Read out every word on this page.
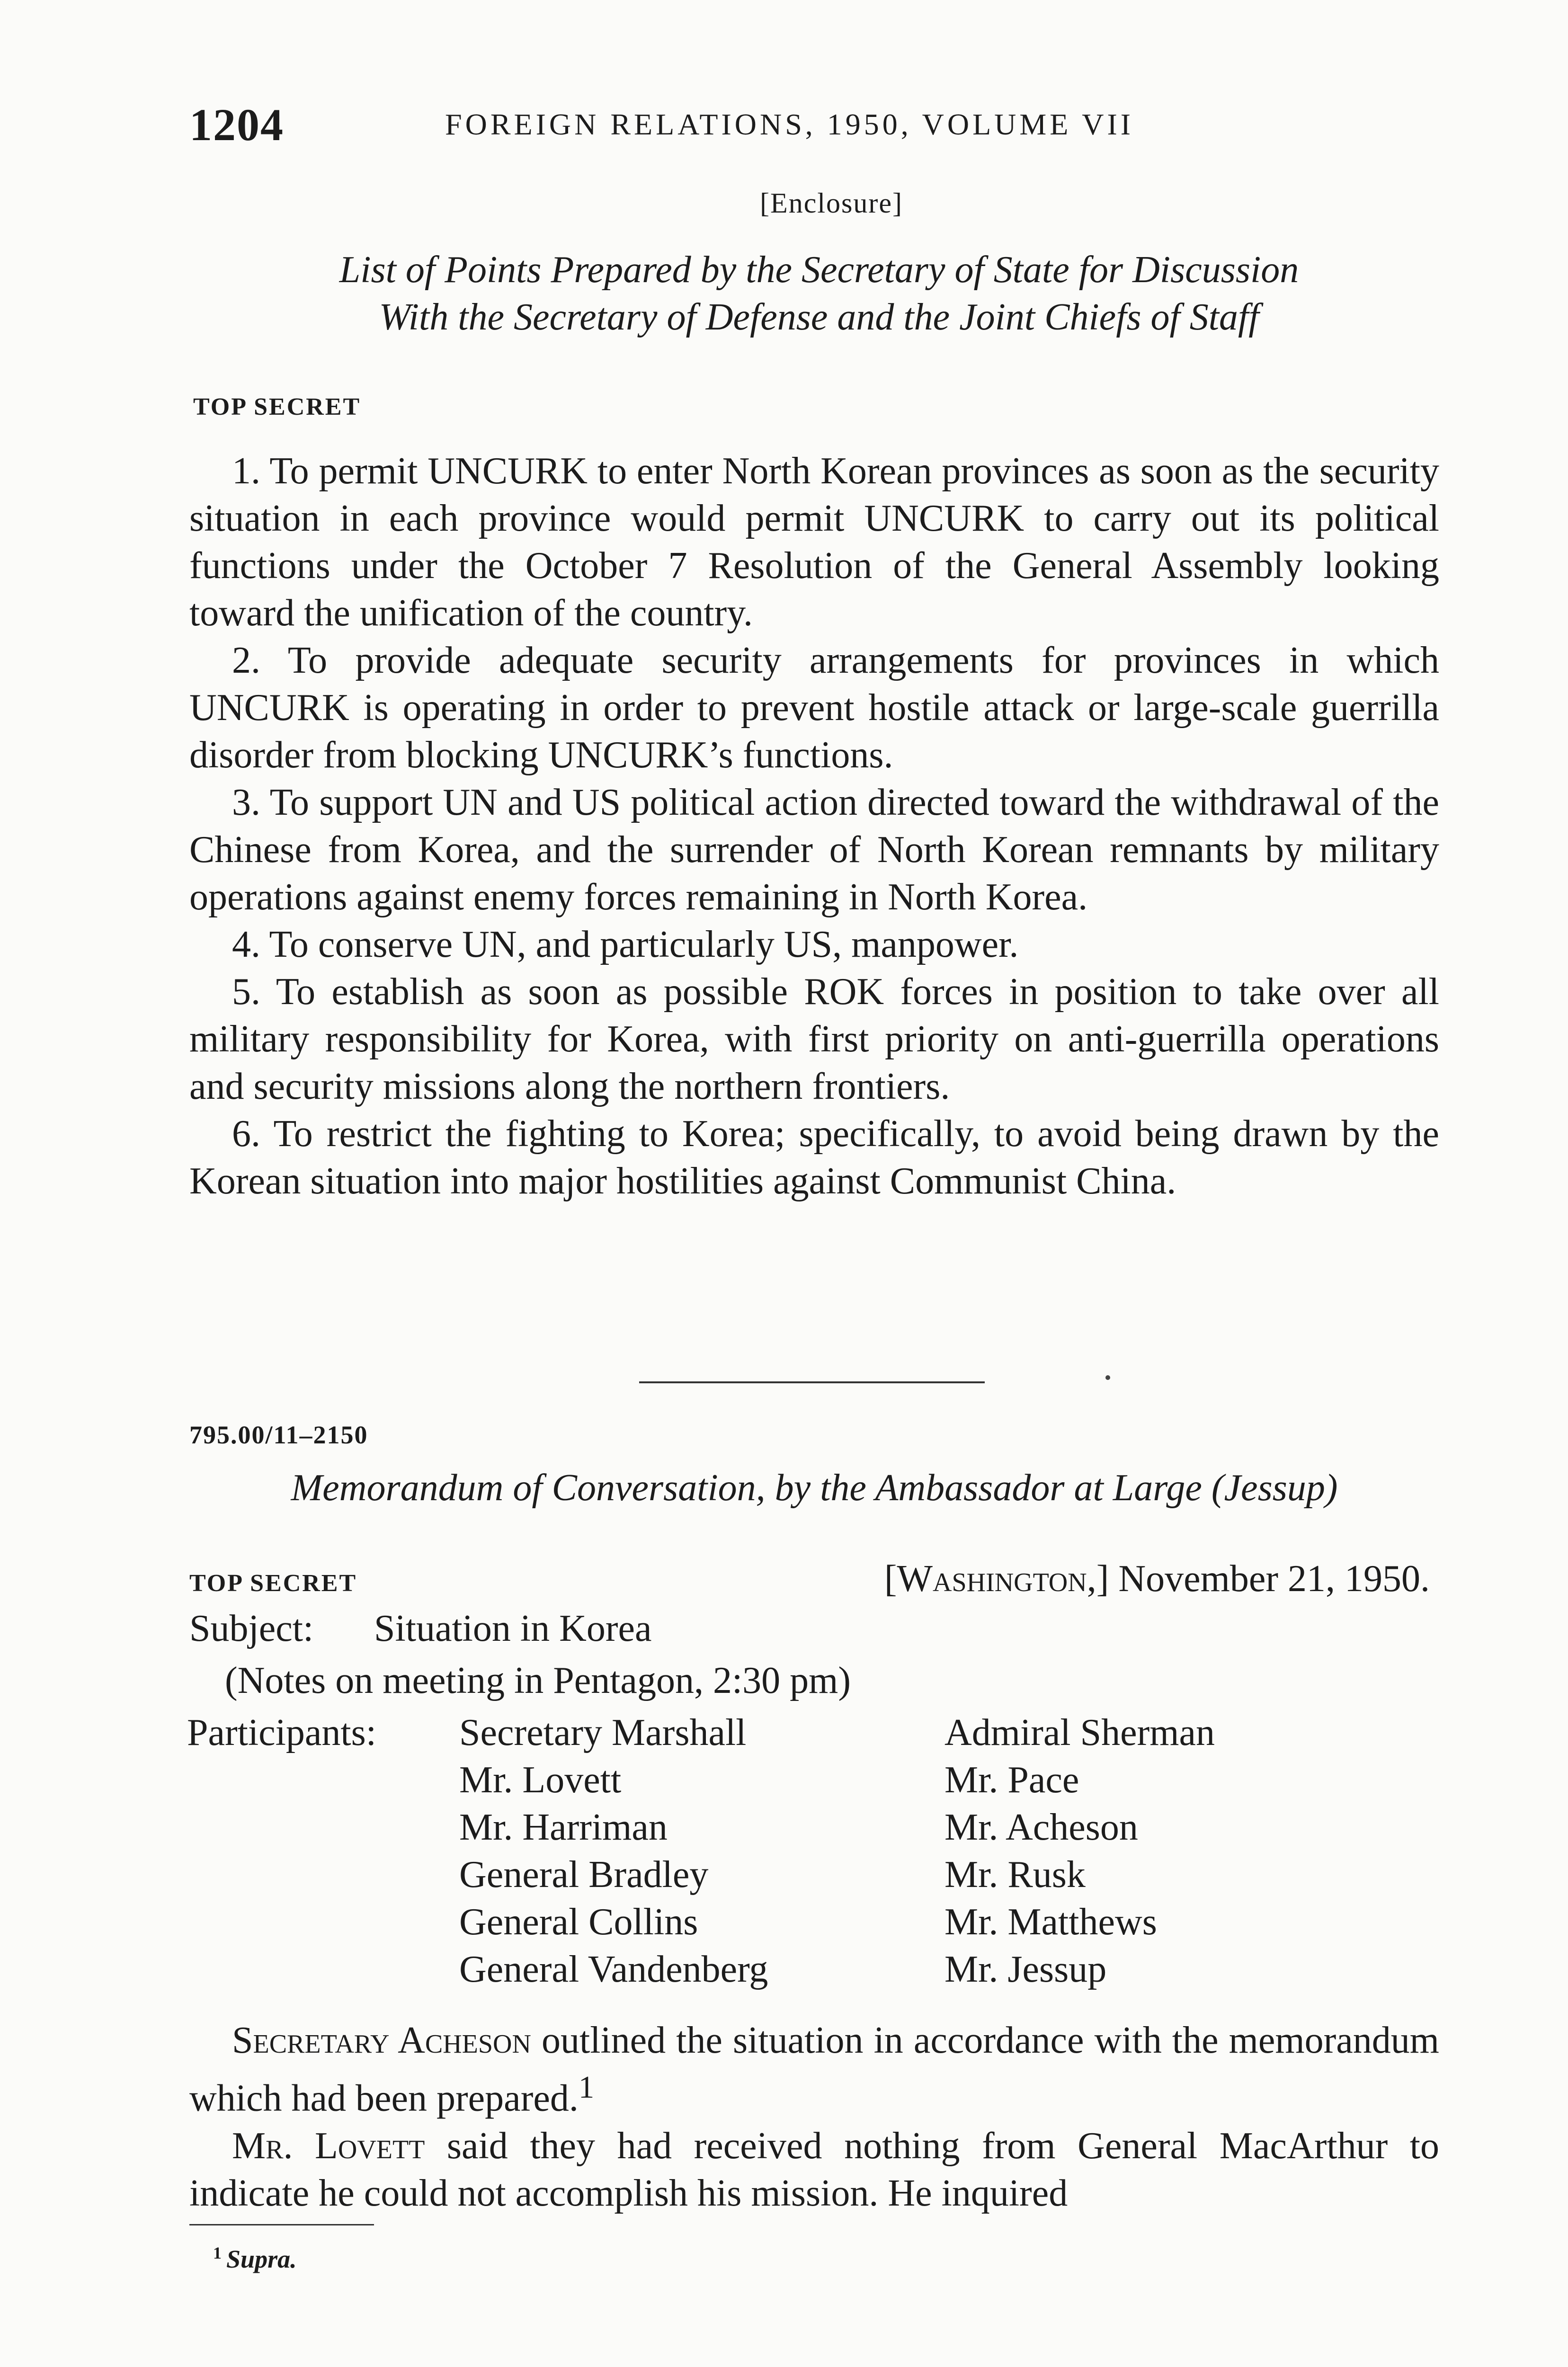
1204	FOREIGN RELATIONS, 1950, VOLUME VII
[Enclosure]
List of Points Prepared by the Secretary of State for Discussion
With the Secretary of Defense and the Joint Chiefs of Staff
TOP SECRET

1. To permit UNCURK to enter North Korean provinces as soon as the security situation in each province would permit UNCURK to carry out its political functions under the October 7 Resolution of the General Assembly looking toward the unification of the country.

2. To provide adequate security arrangements for provinces in which UNCURK is operating in order to prevent hostile attack or large-scale guerrilla disorder from blocking UNCURK’s functions.

3. To support UN and US political action directed toward the withdrawal of the Chinese from Korea, and the surrender of North Korean remnants by military operations against enemy forces remaining in North Korea.

4. To conserve UN, and particularly US, manpower.

5. To establish as soon as possible ROK forces in position to take over all military responsibility for Korea, with first priority on anti-guerrilla operations and security missions along the northern frontiers.

6. To restrict the fighting to Korea; specifically, to avoid being drawn by the Korean situation into major hostilities against Communist China.

795.00/11–2150
Memorandum of Conversation, by the Ambassador at Large (Jessup)
TOP SECRET	[Washington,] November 21, 1950.
Subject: Situation in Korea
(Notes on meeting in Pentagon, 2:30 pm)
Participants: Secretary Marshall
Mr. Lovett
Mr. Harriman
General Bradley
General Collins
General Vandenberg
Admiral Sherman
Mr. Pace
Mr. Acheson
Mr. Rusk
Mr. Matthews
Mr. Jessup

Secretary Acheson outlined the situation in accordance with the memorandum which had been prepared.$^1$

Mr. Lovett said they had received nothing from General MacArthur to indicate he could not accomplish his mission. He inquired

$^1$ Supra.
